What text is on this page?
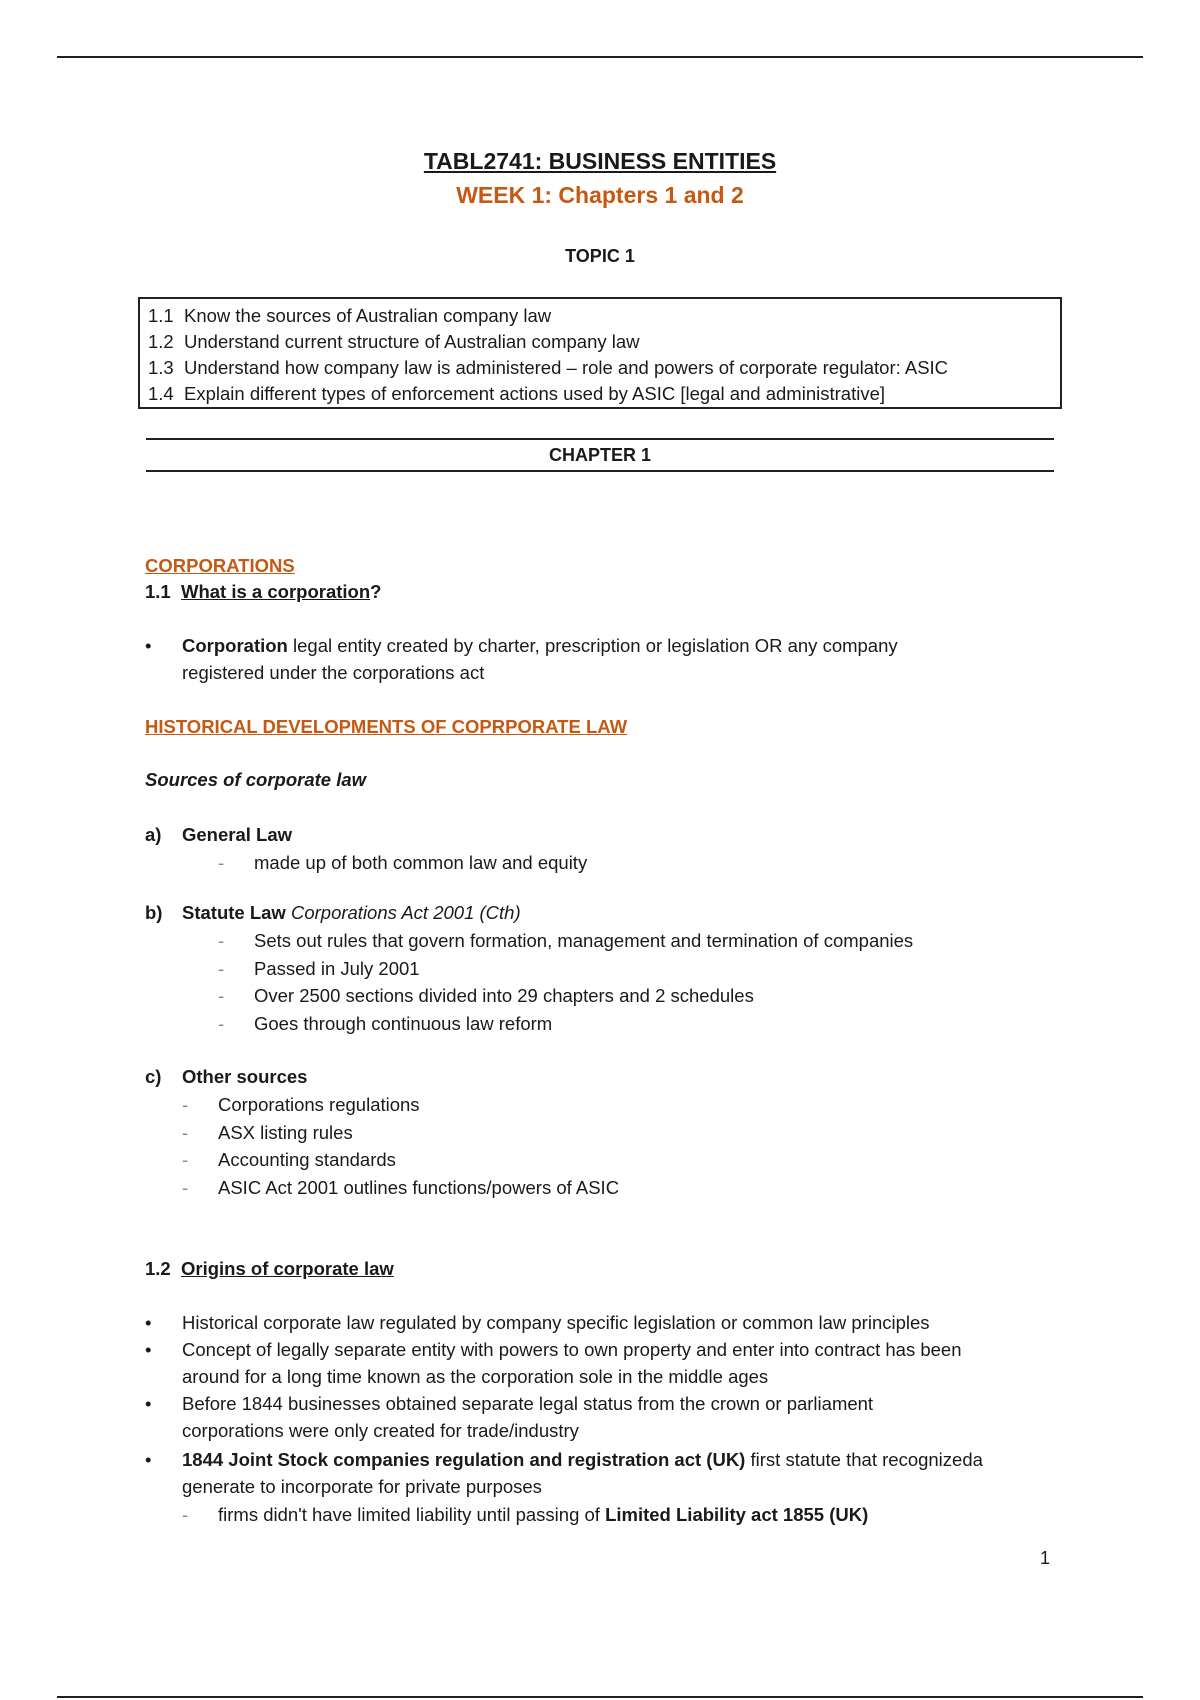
TABL2741: BUSINESS ENTITIES
WEEK 1: Chapters 1 and 2
TOPIC 1
1.1 Know the sources of Australian company law
1.2 Understand current structure of Australian company law
1.3 Understand how company law is administered – role and powers of corporate regulator: ASIC
1.4 Explain different types of enforcement actions used by ASIC [legal and administrative]
CHAPTER 1
CORPORATIONS
1.1 What is a corporation?
•	Corporation legal entity created by charter, prescription or legislation OR any company
registered under the corporations act
HISTORICAL DEVELOPMENTS OF COPRPORATE LAW
Sources of corporate law
a)	General Law
-	made up of both common law and equity
b)	Statute Law
Corporations Act 2001 (Cth)
-	Sets out rules that govern formation, management and termination of companies
-	Passed in July 2001
-	Over 2500 sections divided into 29 chapters and 2 schedules
-	Goes through continuous law reform
c)	Other sources
-	Corporations regulations
-	ASX listing rules
-	Accounting standards
-	ASIC Act 2001 outlines functions/powers of ASIC
1.2 Origins of corporate law
•	Historical corporate law regulated by company specific legislation or common law principles
•	Concept of legally separate entity with powers to own property and enter into contract has been
around for a long time known as the corporation sole in the middle ages
•	Before 1844 businesses obtained separate legal status from the crown or parliament
corporations were only created for trade/industry
•	1844 Joint Stock companies regulation and registration act (UK) first statute that recognizeda
generate to incorporate for private purposes
-	firms didn't have limited liability until passing of Limited Liability act 1855 (UK)
1
